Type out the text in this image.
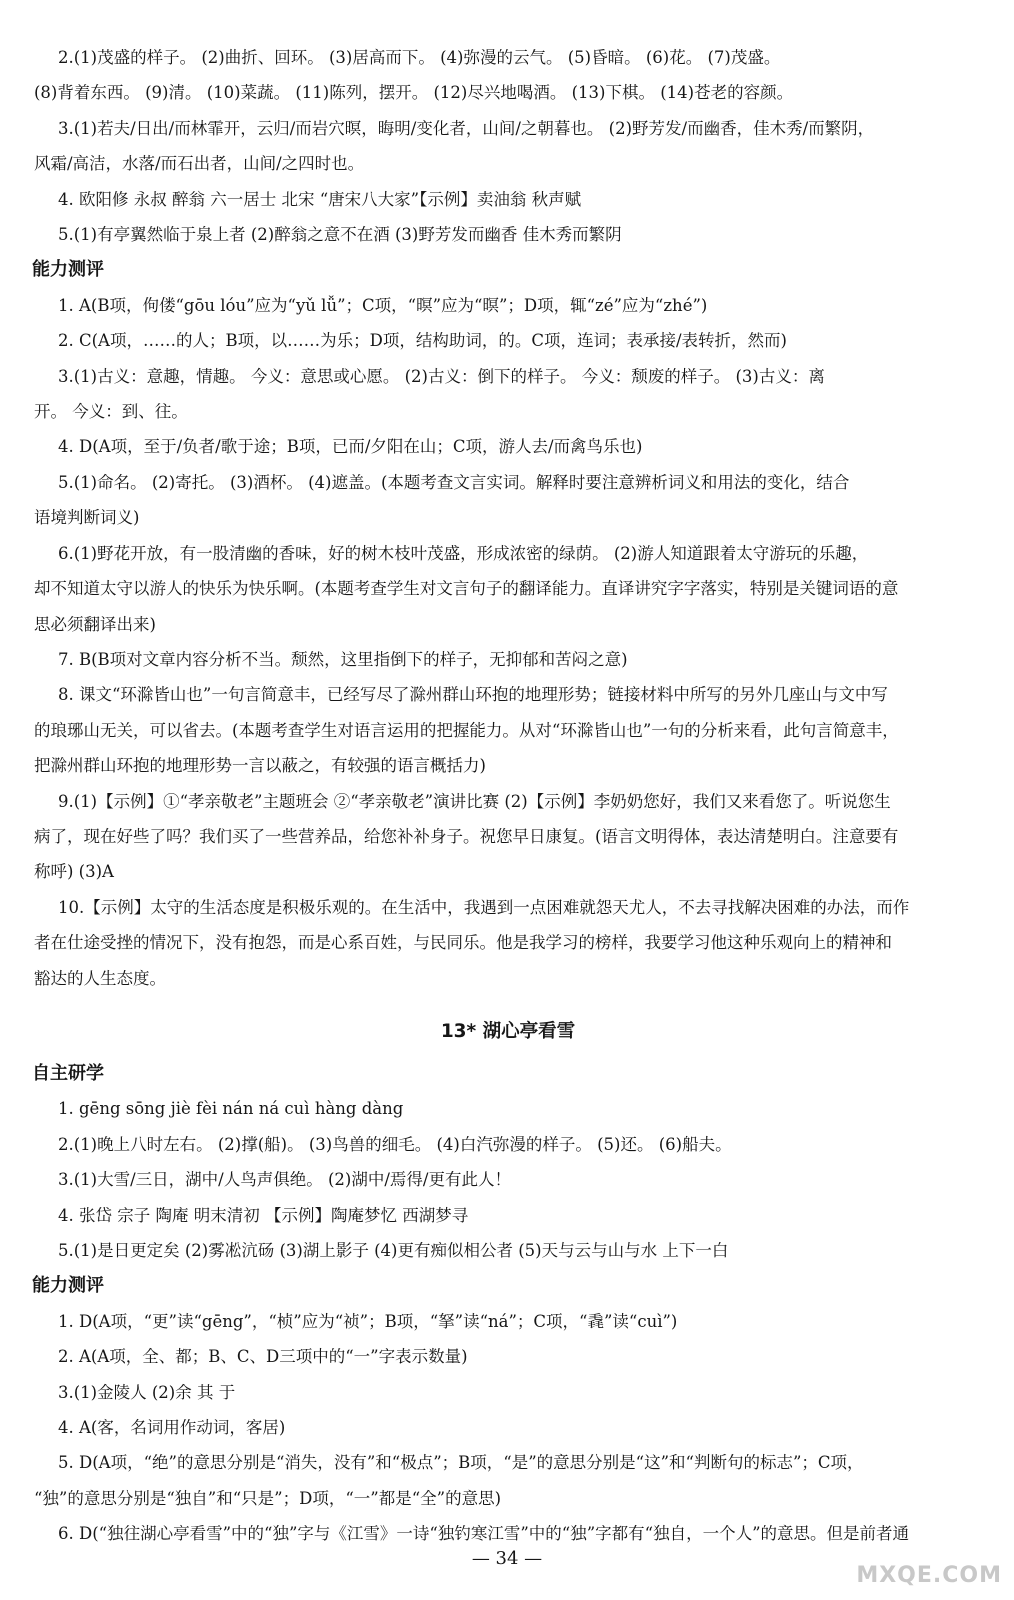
2.(1)茂盛的样子。 (2)曲折、回环。 (3)居高而下。 (4)弥漫的云气。 (5)昏暗。 (6)花。 (7)茂盛。
(8)背着东西。 (9)清。 (10)菜蔬。 (11)陈列，摆开。 (12)尽兴地喝酒。 (13)下棋。 (14)苍老的容颜。
3.(1)若夫/日出/而林霏开，云归/而岩穴暝，晦明/变化者，山间/之朝暮也。 (2)野芳发/而幽香，佳木秀/而繁阴，
风霜/高洁，水落/而石出者，山间/之四时也。
4. 欧阳修 永叔 醉翁 六一居士 北宋 “唐宋八大家”【示例】卖油翁 秋声赋
5.(1)有亭翼然临于泉上者 (2)醉翁之意不在酒 (3)野芳发而幽香 佳木秀而繁阴
能力测评
1. A(B项，佝偻“gōu lóu”应为“yǔ lǚ”；C项，“暝”应为“暝”；D项，辄“zé”应为“zhé”)
2. C(A项，……的人；B项，以……为乐；D项，结构助词，的。C项，连词；表承接/表转折，然而)
3.(1)古义：意趣，情趣。 今义：意思或心愿。 (2)古义：倒下的样子。 今义：颓废的样子。 (3)古义：离
开。 今义：到、往。
4. D(A项，至于/负者/歌于途；B项，已而/夕阳在山；C项，游人去/而禽鸟乐也)
5.(1)命名。 (2)寄托。 (3)酒杯。 (4)遮盖。(本题考查文言实词。解释时要注意辨析词义和用法的变化，结合
语境判断词义)
6.(1)野花开放，有一股清幽的香味，好的树木枝叶茂盛，形成浓密的绿荫。 (2)游人知道跟着太守游玩的乐趣，
却不知道太守以游人的快乐为快乐啊。(本题考查学生对文言句子的翻译能力。直译讲究字字落实，特别是关键词语的意
思必须翻译出来)
7. B(B项对文章内容分析不当。颓然，这里指倒下的样子，无抑郁和苦闷之意)
8. 课文“环滁皆山也”一句言简意丰，已经写尽了滁州群山环抱的地理形势；链接材料中所写的另外几座山与文中写
的琅琊山无关，可以省去。(本题考查学生对语言运用的把握能力。从对“环滁皆山也”一句的分析来看，此句言简意丰，
把滁州群山环抱的地理形势一言以蔽之，有较强的语言概括力)
9.(1)【示例】①“孝亲敬老”主题班会 ②“孝亲敬老”演讲比赛 (2)【示例】李奶奶您好，我们又来看您了。听说您生
病了，现在好些了吗？我们买了一些营养品，给您补补身子。祝您早日康复。(语言文明得体，表达清楚明白。注意要有
称呼) (3)A
10.【示例】太守的生活态度是积极乐观的。在生活中，我遇到一点困难就怨天尤人，不去寻找解决困难的办法，而作
者在仕途受挫的情况下，没有抱怨，而是心系百姓，与民同乐。他是我学习的榜样，我要学习他这种乐观向上的精神和
豁达的人生态度。
13* 湖心亭看雪
自主研学
1. gēng sōng jiè fèi nán ná cuì hàng dàng
2.(1)晚上八时左右。 (2)撑(船)。 (3)鸟兽的细毛。 (4)白汽弥漫的样子。 (5)还。 (6)船夫。
3.(1)大雪/三日，湖中/人鸟声俱绝。 (2)湖中/焉得/更有此人！
4. 张岱 宗子 陶庵 明末清初 【示例】陶庵梦忆 西湖梦寻
5.(1)是日更定矣 (2)雾凇沆砀 (3)湖上影子 (4)更有痴似相公者 (5)天与云与山与水 上下一白
能力测评
1. D(A项，“更”读“gēng”，“桢”应为“祯”；B项，“拏”读“ná”；C项，“毳”读“cuì”)
2. A(A项，全、都；B、C、D三项中的“一”字表示数量)
3.(1)金陵人 (2)余 其 于
4. A(客，名词用作动词，客居)
5. D(A项，“绝”的意思分别是“消失，没有”和“极点”；B项，“是”的意思分别是“这”和“判断句的标志”；C项，
“独”的意思分别是“独自”和“只是”；D项，“一”都是“全”的意思)
6. D(“独往湖心亭看雪”中的“独”字与《江雪》一诗“独钓寒江雪”中的“独”字都有“独自，一个人”的意思。但是前者通
— 34 —
MXQE.COM
